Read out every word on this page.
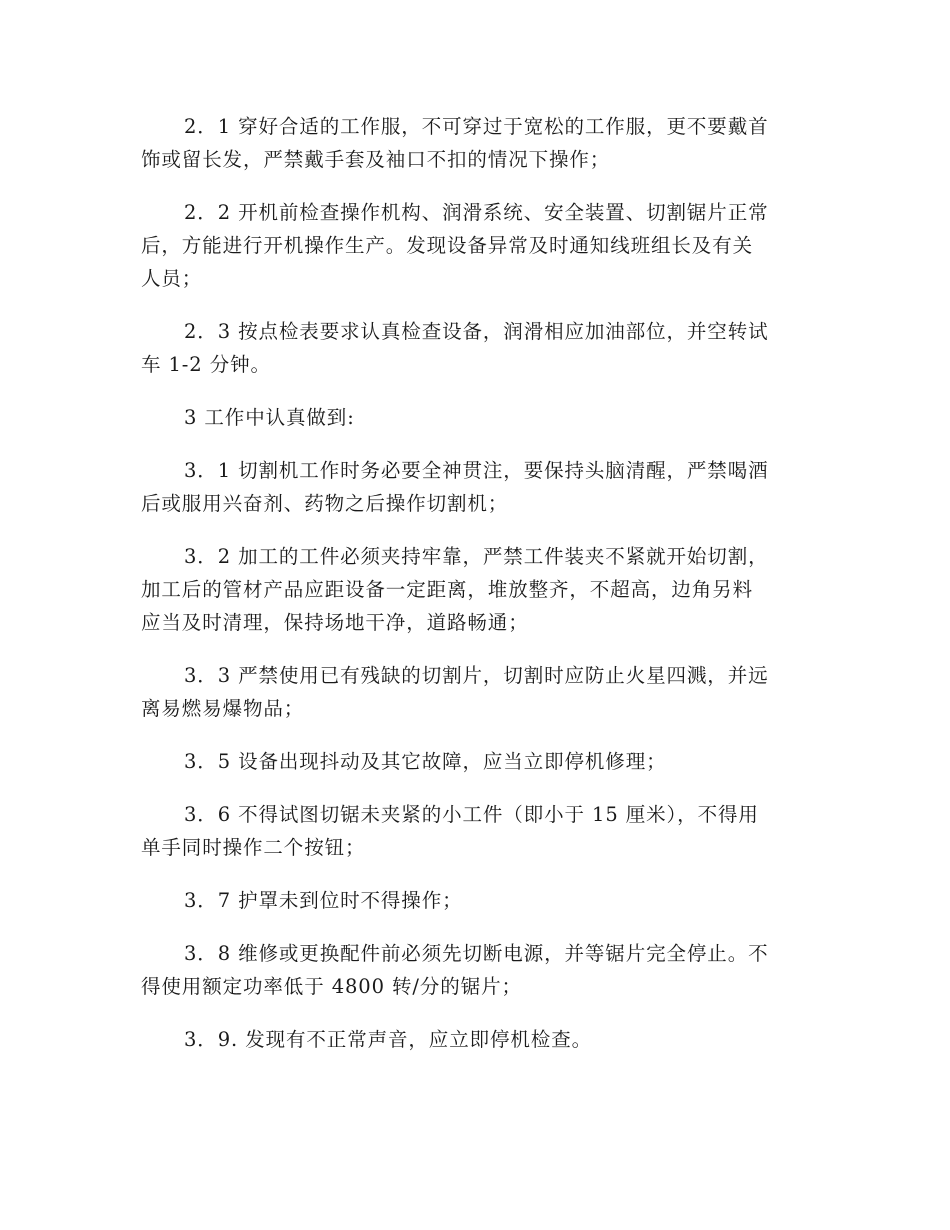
2．1 穿好合适的工作服，不可穿过于宽松的工作服，更不要戴首
饰或留长发，严禁戴手套及袖口不扣的情况下操作；

2．2 开机前检查操作机构、润滑系统、安全装置、切割锯片正常
后，方能进行开机操作生产。发现设备异常及时通知线班组长及有关
人员；

2．3 按点检表要求认真检查设备，润滑相应加油部位，并空转试
车 1-2 分钟。

3 工作中认真做到:

3．1 切割机工作时务必要全神贯注，要保持头脑清醒，严禁喝酒
后或服用兴奋剂、药物之后操作切割机；

3．2 加工的工件必须夹持牢靠，严禁工件装夹不紧就开始切割，
加工后的管材产品应距设备一定距离，堆放整齐，不超高，边角另料
应当及时清理，保持场地干净，道路畅通；

3．3 严禁使用已有残缺的切割片，切割时应防止火星四溅，并远
离易燃易爆物品；

3．5 设备出现抖动及其它故障，应当立即停机修理；

3．6 不得试图切锯未夹紧的小工件（即小于 15 厘米），不得用
单手同时操作二个按钮；

3．7 护罩未到位时不得操作；

3．8 维修或更换配件前必须先切断电源，并等锯片完全停止。不
得使用额定功率低于 4800 转/分的锯片；

3．9. 发现有不正常声音，应立即停机检查。
